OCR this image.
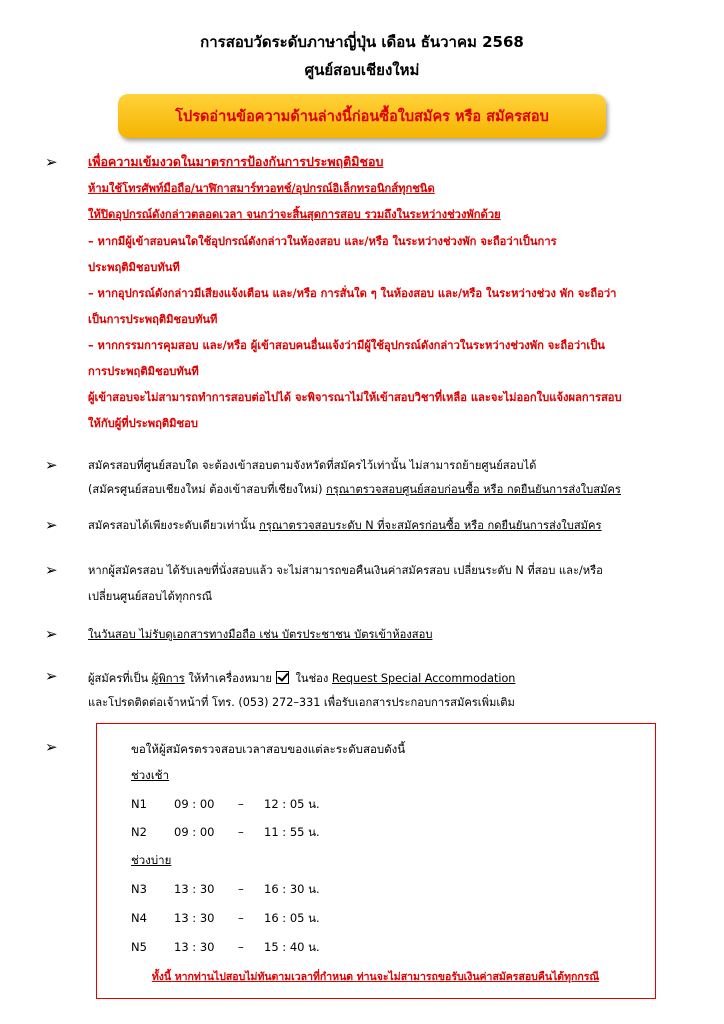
การสอบวัดระดับภาษาญี่ปุ่น เดือน ธันวาคม 2568
ศูนย์สอบเชียงใหม่
โปรดอ่านข้อความด้านล่างนี้ก่อนซื้อใบสมัคร หรือ สมัครสอบ
➢ เพื่อความเข้มงวดในมาตรการป้องกันการประพฤติมิชอบ
ห้ามใช้โทรศัพท์มือถือ/นาฬิกาสมาร์ทวอทช์/อุปกรณ์อิเล็กทรอนิกส์ทุกชนิด
ให้ปิดอุปกรณ์ดังกล่าวตลอดเวลา จนกว่าจะสิ้นสุดการสอบ รวมถึงในระหว่างช่วงพักด้วย
– หากมีผู้เข้าสอบคนใดใช้อุปกรณ์ดังกล่าวในห้องสอบ และ/หรือ ในระหว่างช่วงพัก จะถือว่าเป็นการ
ประพฤติมิชอบทันที
– หากอุปกรณ์ดังกล่าวมีเสียงแจ้งเตือน และ/หรือ การสั่นใด ๆ ในห้องสอบ และ/หรือ ในระหว่างช่วง พัก จะถือว่า
เป็นการประพฤติมิชอบทันที
– หากกรรมการคุมสอบ และ/หรือ ผู้เข้าสอบคนอื่นแจ้งว่ามีผู้ใช้อุปกรณ์ดังกล่าวในระหว่างช่วงพัก จะถือว่าเป็น
การประพฤติมิชอบทันที
ผู้เข้าสอบจะไม่สามารถทำการสอบต่อไปได้ จะพิจารณาไม่ให้เข้าสอบวิชาที่เหลือ และจะไม่ออกใบแจ้งผลการสอบ
ให้กับผู้ที่ประพฤติมิชอบ
➢	สมัครสอบที่ศูนย์สอบใด จะต้องเข้าสอบตามจังหวัดที่สมัครไว้เท่านั้น ไม่สามารถย้ายศูนย์สอบได้
(สมัครศูนย์สอบเชียงใหม่ ต้องเข้าสอบที่เชียงใหม่) กรุณาตรวจสอบศูนย์สอบก่อนซื้อ หรือ กดยืนยันการส่งใบสมัคร
➢	สมัครสอบได้เพียงระดับเดียวเท่านั้น กรุณาตรวจสอบระดับ N ที่จะสมัครก่อนซื้อ หรือ กดยืนยันการส่งใบสมัคร
➢	หากผู้สมัครสอบ ได้รับเลขที่นั่งสอบแล้ว จะไม่สามารถขอคืนเงินค่าสมัครสอบ เปลี่ยนระดับ N ที่สอบ และ/หรือ
เปลี่ยนศูนย์สอบได้ทุกกรณี
➢	ในวันสอบ ไม่รับดูเอกสารทางมือถือ เช่น บัตรประชาชน บัตรเข้าห้องสอบ
➢	ผู้สมัครที่เป็น ผู้พิการ ให้ทำเครื่องหมาย ในช่อง Request Special Accommodation
และโปรดติดต่อเจ้าหน้าที่ โทร. (053) 272–331 เพื่อรับเอกสารประกอบการสมัครเพิ่มเติม
➢	ขอให้ผู้สมัครตรวจสอบเวลาสอบของแต่ละระดับสอบดังนี้
ช่วงเช้า
N1 09 : 00 – 12 : 05 น.
N2 09 : 00 – 11 : 55 น.
ช่วงบ่าย
N3 13 : 30 – 16 : 30 น.
N4 13 : 30 – 16 : 05 น.
N5 13 : 30 – 15 : 40 น.
ทั้งนี้ หากท่านไปสอบไม่ทันตามเวลาที่กำหนด ท่านจะไม่สามารถขอรับเงินค่าสมัครสอบคืนได้ทุกกรณี
